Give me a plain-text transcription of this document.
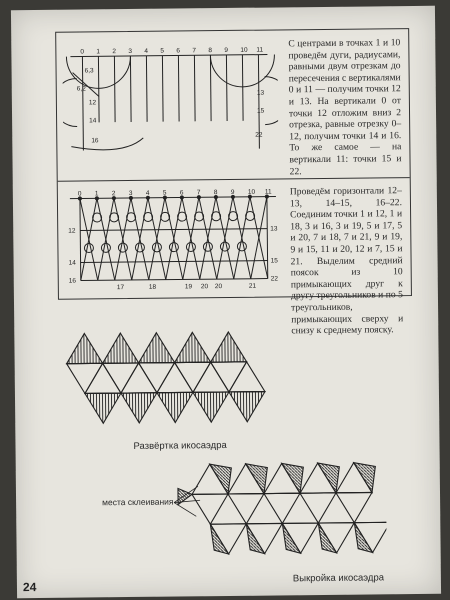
0 1 2 3 4 5 6 7 8 9 10 11
6,3
6,2
12
14
16
13
15
22
С центрами в точках 1 и 10 проведём дуги, радиусами, равными двум отрезкам до пересечения с вертикалями 0 и 11 — получим точки 12 и 13. На вертикали 0 от точки 12 отложим вниз 2 отрезка, равные отрезку 0–12, получим точки 14 и 16. То же самое — на вертикали 11: точки 15 и 22.
0 1 2 3 4 5 6 7 8 9 10 11
12
14
16
13
15
22
17	18	19 20 20	21
Проведём горизонтали 12–13, 14–15, 16–22. Соединим точки 1 и 12, 1 и 18, 3 и 16, 3 и 19, 5 и 17, 5 и 20, 7 и 18, 7 и 21, 9 и 19, 9 и 15, 11 и 20, 12 и 7, 15 и 21. Выделим средний поясок из 10 примыкающих друг к другу треугольников и по 5 треугольников, примыкающих сверху и снизу к среднему пояску.
Развёртка икосаэдра
места склеивания
Выкройка икосаэдра
24
